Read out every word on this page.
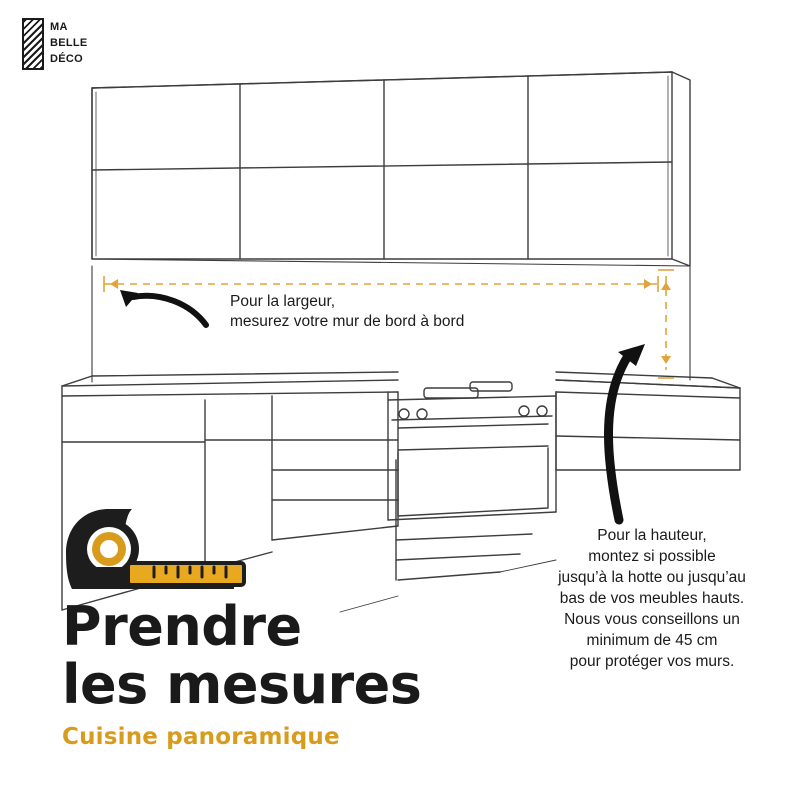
MA
BELLE
DÉCO
Pour la largeur,
mesurez votre mur de bord à bord
Pour la hauteur,
montez si possible
jusqu’à la hotte ou jusqu’au
bas de vos meubles hauts.
Nous vous conseillons un
minimum de 45 cm
pour protéger vos murs.
Prendre
les mesures
Cuisine panoramique
